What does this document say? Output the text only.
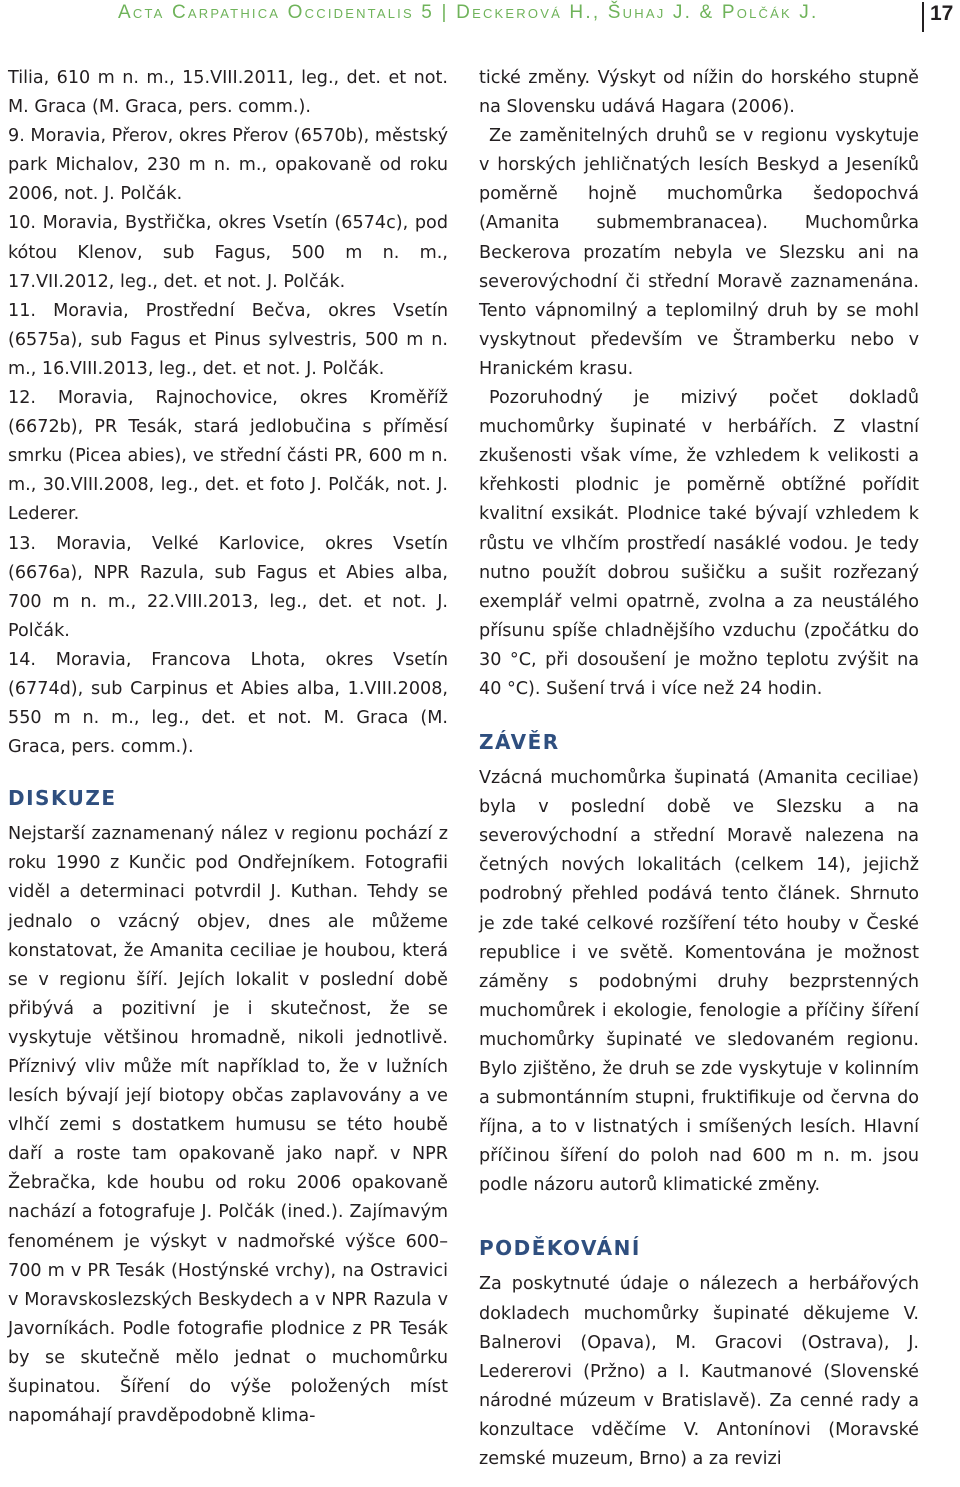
Acta Carpathica Occidentalis 5 | Deckerová H., Šuhaj J. & Polčák J.	17

Tilia, 610 m n. m., 15.VIII.2011, leg., det. et not. M. Graca (M. Graca, pers. comm.).

9. Moravia, Přerov, okres Přerov (6570b), městský park Michalov, 230 m n. m., opakovaně od roku 2006, not. J. Polčák.

10. Moravia, Bystřička, okres Vsetín (6574c), pod kótou Klenov, sub Fagus, 500 m n. m., 17.VII.2012, leg., det. et not. J. Polčák.

11. Moravia, Prostřední Bečva, okres Vsetín (6575a), sub Fagus et Pinus sylvestris, 500 m n. m., 16.VIII.2013, leg., det. et not. J. Polčák.

12. Moravia, Rajnochovice, okres Kroměříž (6672b), PR Tesák, stará jedlobučina s příměsí smrku (Picea abies), ve střední části PR, 600 m n. m., 30.VIII.2008, leg., det. et foto J. Polčák, not. J. Lederer.

13. Moravia, Velké Karlovice, okres Vsetín (6676a), NPR Razula, sub Fagus et Abies alba, 700 m n. m., 22.VIII.2013, leg., det. et not. J. Polčák.

14. Moravia, Francova Lhota, okres Vsetín (6774d), sub Carpinus et Abies alba, 1.VIII.2008, 550 m n. m., leg., det. et not. M. Graca (M. Graca, pers. comm.).

DISKUZE

Nejstarší zaznamenaný nález v regionu pochází z roku 1990 z Kunčic pod Ondřejníkem. Fotografii viděl a determinaci potvrdil J. Kuthan. Tehdy se jednalo o vzácný objev, dnes ale můžeme konstatovat, že Amanita ceciliae je houbou, která se v regionu šíří. Jejích lokalit v poslední době přibývá a pozitivní je i skutečnost, že se vyskytuje většinou hromadně, nikoli jednotlivě. Příznivý vliv může mít například to, že v lužních lesích bývají její biotopy občas zaplavovány a ve vlhčí zemi s dostatkem humusu se této houbě daří a roste tam opakovaně jako např. v NPR Žebračka, kde houbu od roku 2006 opakovaně nachází a fotografuje J. Polčák (ined.). Zajímavým fenoménem je výskyt v nadmořské výšce 600–700 m v PR Tesák (Hostýnské vrchy), na Ostravici v Moravskoslezských Beskydech a v NPR Razula v Javorníkách. Podle fotografie plodnice z PR Tesák by se skutečně mělo jednat o muchomůrku šupinatou. Šíření do výše položených míst napomáhají pravděpodobně klima-

tické změny. Výskyt od nížin do horského stupně na Slovensku udává Hagara (2006).

Ze zaměnitelných druhů se v regionu vyskytuje v horských jehličnatých lesích Beskyd a Jeseníků poměrně hojně muchomůrka šedopochvá (Amanita submembranacea). Muchomůrka Beckerova prozatím nebyla ve Slezsku ani na severovýchodní či střední Moravě zaznamenána. Tento vápnomilný a teplomilný druh by se mohl vyskytnout především ve Štramberku nebo v Hranickém krasu.

Pozoruhodný je mizivý počet dokladů muchomůrky šupinaté v herbářích. Z vlastní zkušenosti však víme, že vzhledem k velikosti a křehkosti plodnic je poměrně obtížné pořídit kvalitní exsikát. Plodnice také bývají vzhledem k růstu ve vlhčím prostředí nasáklé vodou. Je tedy nutno použít dobrou sušičku a sušit rozřezaný exemplář velmi opatrně, zvolna a za neustálého přísunu spíše chladnějšího vzduchu (zpočátku do 30 °C, při dosoušení je možno teplotu zvýšit na 40 °C). Sušení trvá i více než 24 hodin.

ZÁVĚR

Vzácná muchomůrka šupinatá (Amanita ceciliae) byla v poslední době ve Slezsku a na severovýchodní a střední Moravě nalezena na četných nových lokalitách (celkem 14), jejichž podrobný přehled podává tento článek. Shrnuto je zde také celkové rozšíření této houby v České republice i ve světě. Komentována je možnost záměny s podobnými druhy bezprstenných muchomůrek i ekologie, fenologie a příčiny šíření muchomůrky šupinaté ve sledovaném regionu. Bylo zjištěno, že druh se zde vyskytuje v kolinním a submontánním stupni, fruktifikuje od června do října, a to v listnatých i smíšených lesích. Hlavní příčinou šíření do poloh nad 600 m n. m. jsou podle názoru autorů klimatické změny.

PODĚKOVÁNÍ

Za poskytnuté údaje o nálezech a herbářových dokladech muchomůrky šupinaté děkujeme V. Balnerovi (Opava), M. Gracovi (Ostrava), J. Ledererovi (Pržno) a I. Kautmanové (Slovenské národné múzeum v Bratislavě). Za cenné rady a konzultace vděčíme V. Antonínovi (Moravské zemské muzeum, Brno) a za revizi
